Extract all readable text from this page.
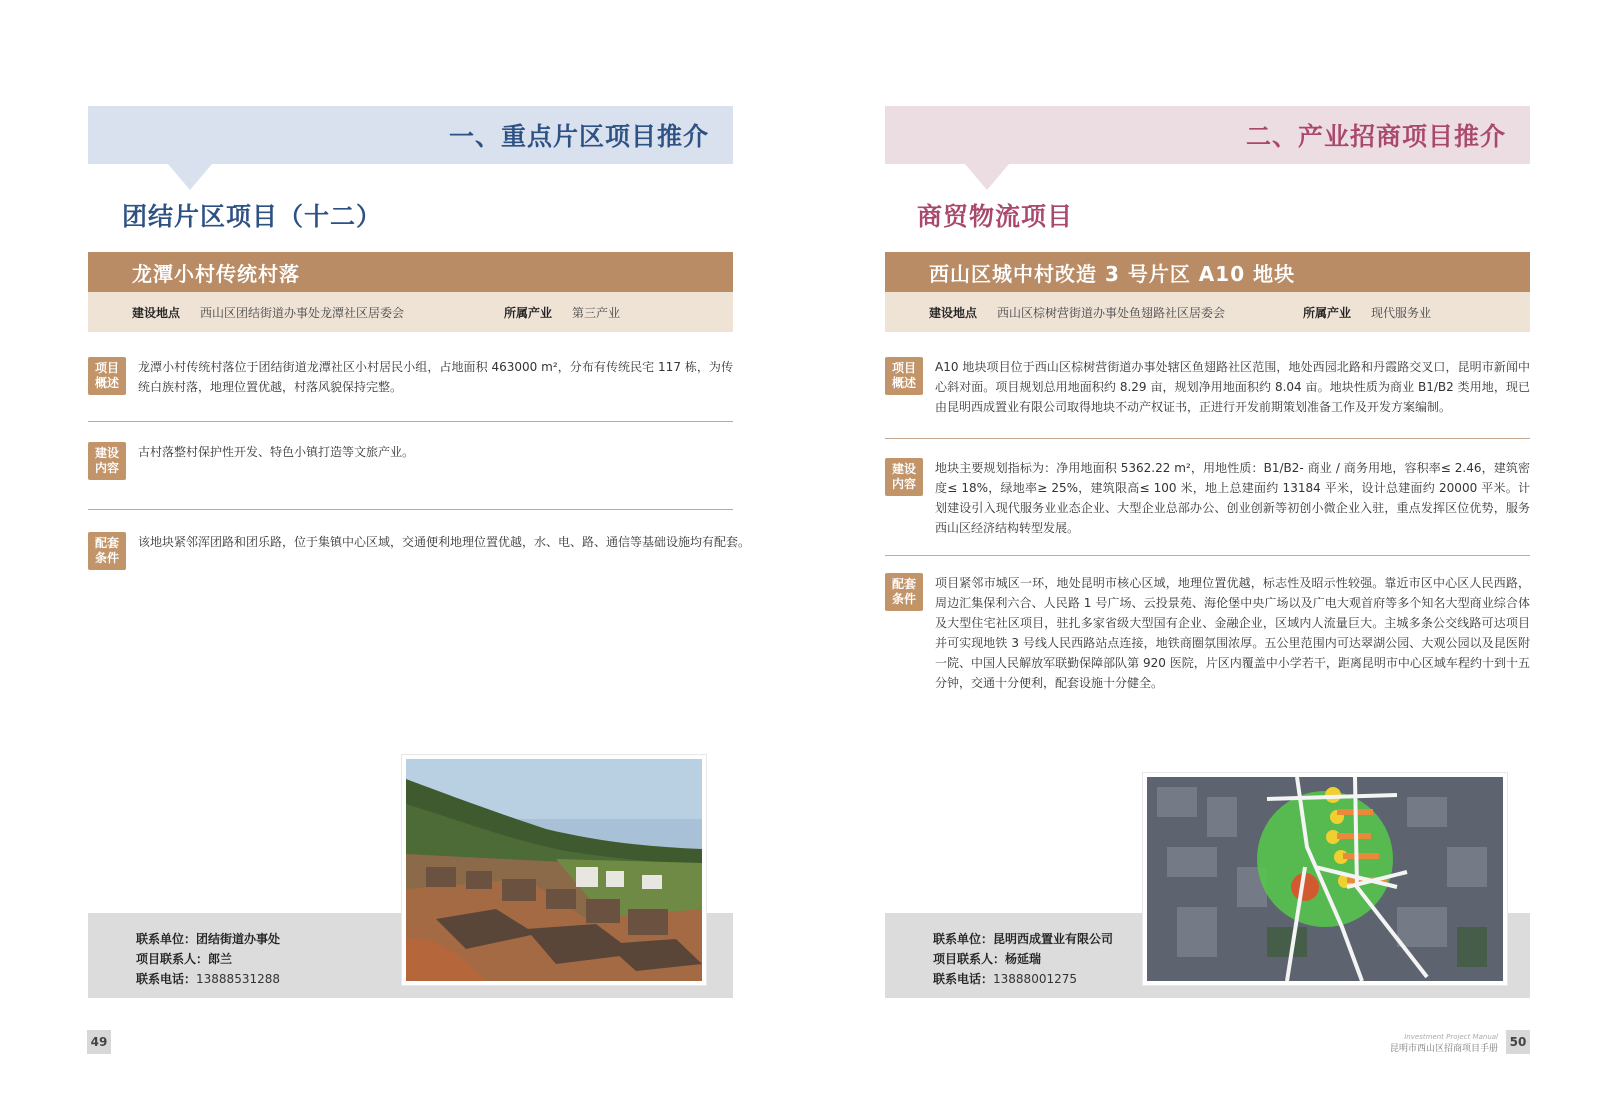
一、重点片区项目推介
团结片区项目（十二）
龙潭小村传统村落
建设地点 西山区团结街道办事处龙潭社区居委会	所属产业 第三产业
项目概述
龙潭小村传统村落位于团结街道龙潭社区小村居民小组，占地面积 463000 m²，分布有传统民宅 117 栋，为传统白族村落，地理位置优越，村落风貌保持完整。
建设内容
古村落整村保护性开发、特色小镇打造等文旅产业。
配套条件
该地块紧邻浑团路和团乐路，位于集镇中心区域，交通便利地理位置优越，水、电、路、通信等基础设施均有配套。
联系单位： 团结街道办事处
项目联系人： 郎兰
联系电话： 13888531288
49
二、产业招商项目推介
商贸物流项目
西山区城中村改造 3 号片区 A10 地块
建设地点 西山区棕树营街道办事处鱼翅路社区居委会	所属产业 现代服务业
项目概述
A10 地块项目位于西山区棕树营街道办事处辖区鱼翅路社区范围，地处西园北路和丹霞路交叉口，昆明市新闻中心斜对面。项目规划总用地面积约 8.29 亩，规划净用地面积约 8.04 亩。地块性质为商业 B1/B2 类用地，现已由昆明西成置业有限公司取得地块不动产权证书，正进行开发前期策划准备工作及开发方案编制。
建设内容
地块主要规划指标为：净用地面积 5362.22 m²，用地性质：B1/B2- 商业 / 商务用地，容积率≤ 2.46，建筑密度≤ 18%，绿地率≥ 25%，建筑限高≤ 100 米，地上总建面约 13184 平米，设计总建面约 20000 平米。计划建设引入现代服务业业态企业、大型企业总部办公、创业创新等初创小微企业入驻，重点发挥区位优势，服务西山区经济结构转型发展。
配套条件
项目紧邻市城区一环，地处昆明市核心区域，地理位置优越，标志性及昭示性较强。靠近市区中心区人民西路，周边汇集保利六合、人民路 1 号广场、云投景苑、海伦堡中央广场以及广电大观首府等多个知名大型商业综合体及大型住宅社区项目，驻扎多家省级大型国有企业、金融企业，区域内人流量巨大。主城多条公交线路可达项目并可实现地铁 3 号线人民西路站点连接，地铁商圈氛围浓厚。五公里范围内可达翠湖公园、大观公园以及昆医附一院、中国人民解放军联勤保障部队第 920 医院，片区内覆盖中小学若干，距离昆明市中心区域车程约十到十五分钟，交通十分便利，配套设施十分健全。
联系单位： 昆明西成置业有限公司
项目联系人： 杨延瑞
联系电话： 13888001275
Investment Project Manual
昆明市西山区招商项目手册 50
